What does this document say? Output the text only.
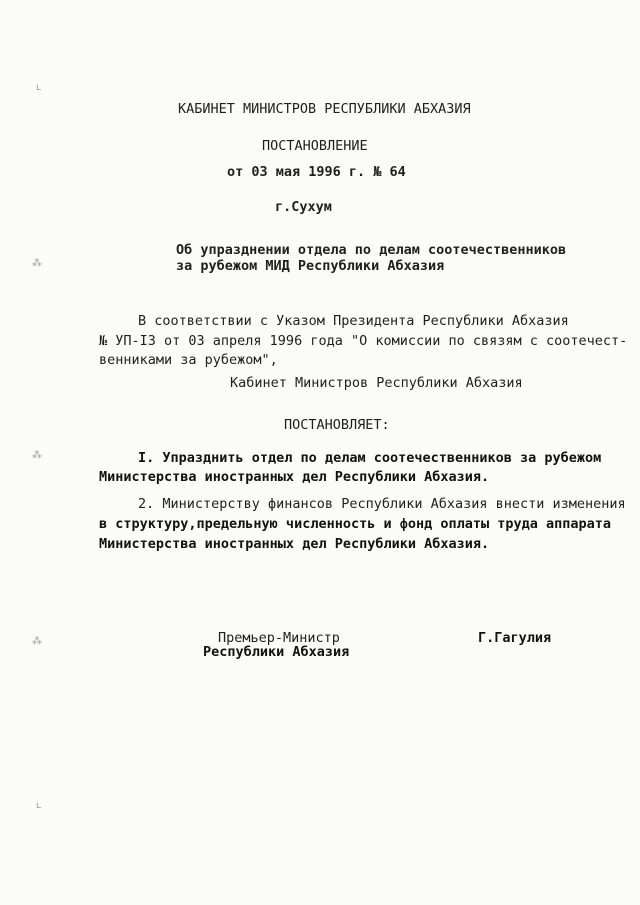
ʟ
⁂
⁂
⁂
ʟ
КАБИНЕТ МИНИСТРОВ РЕСПУБЛИКИ АБХАЗИЯ
ПОСТАНОВЛЕНИЕ
от 03 мая 1996 г. № 64
г.Сухум
Об упразднении отдела по делам соотечественников
за рубежом МИД Республики Абхазия
В соответствии с Указом Президента Республики Абхазия
№ УП-I3 от 03 апреля 1996 года "О комиссии по связям с соотечест-
венниками за рубежом",
Кабинет Министров Республики Абхазия
ПОСТАНОВЛЯЕТ:
I. Упразднить отдел по делам соотечественников за рубежом
Министерства иностранных дел Республики Абхазия.
2. Министерству финансов Республики Абхазия внести изменения
в структуру,предельную численность и фонд оплаты труда аппарата
Министерства иностранных дел Республики Абхазия.
Премьер-Министр
Республики Абхазия
Г.Гагулия
